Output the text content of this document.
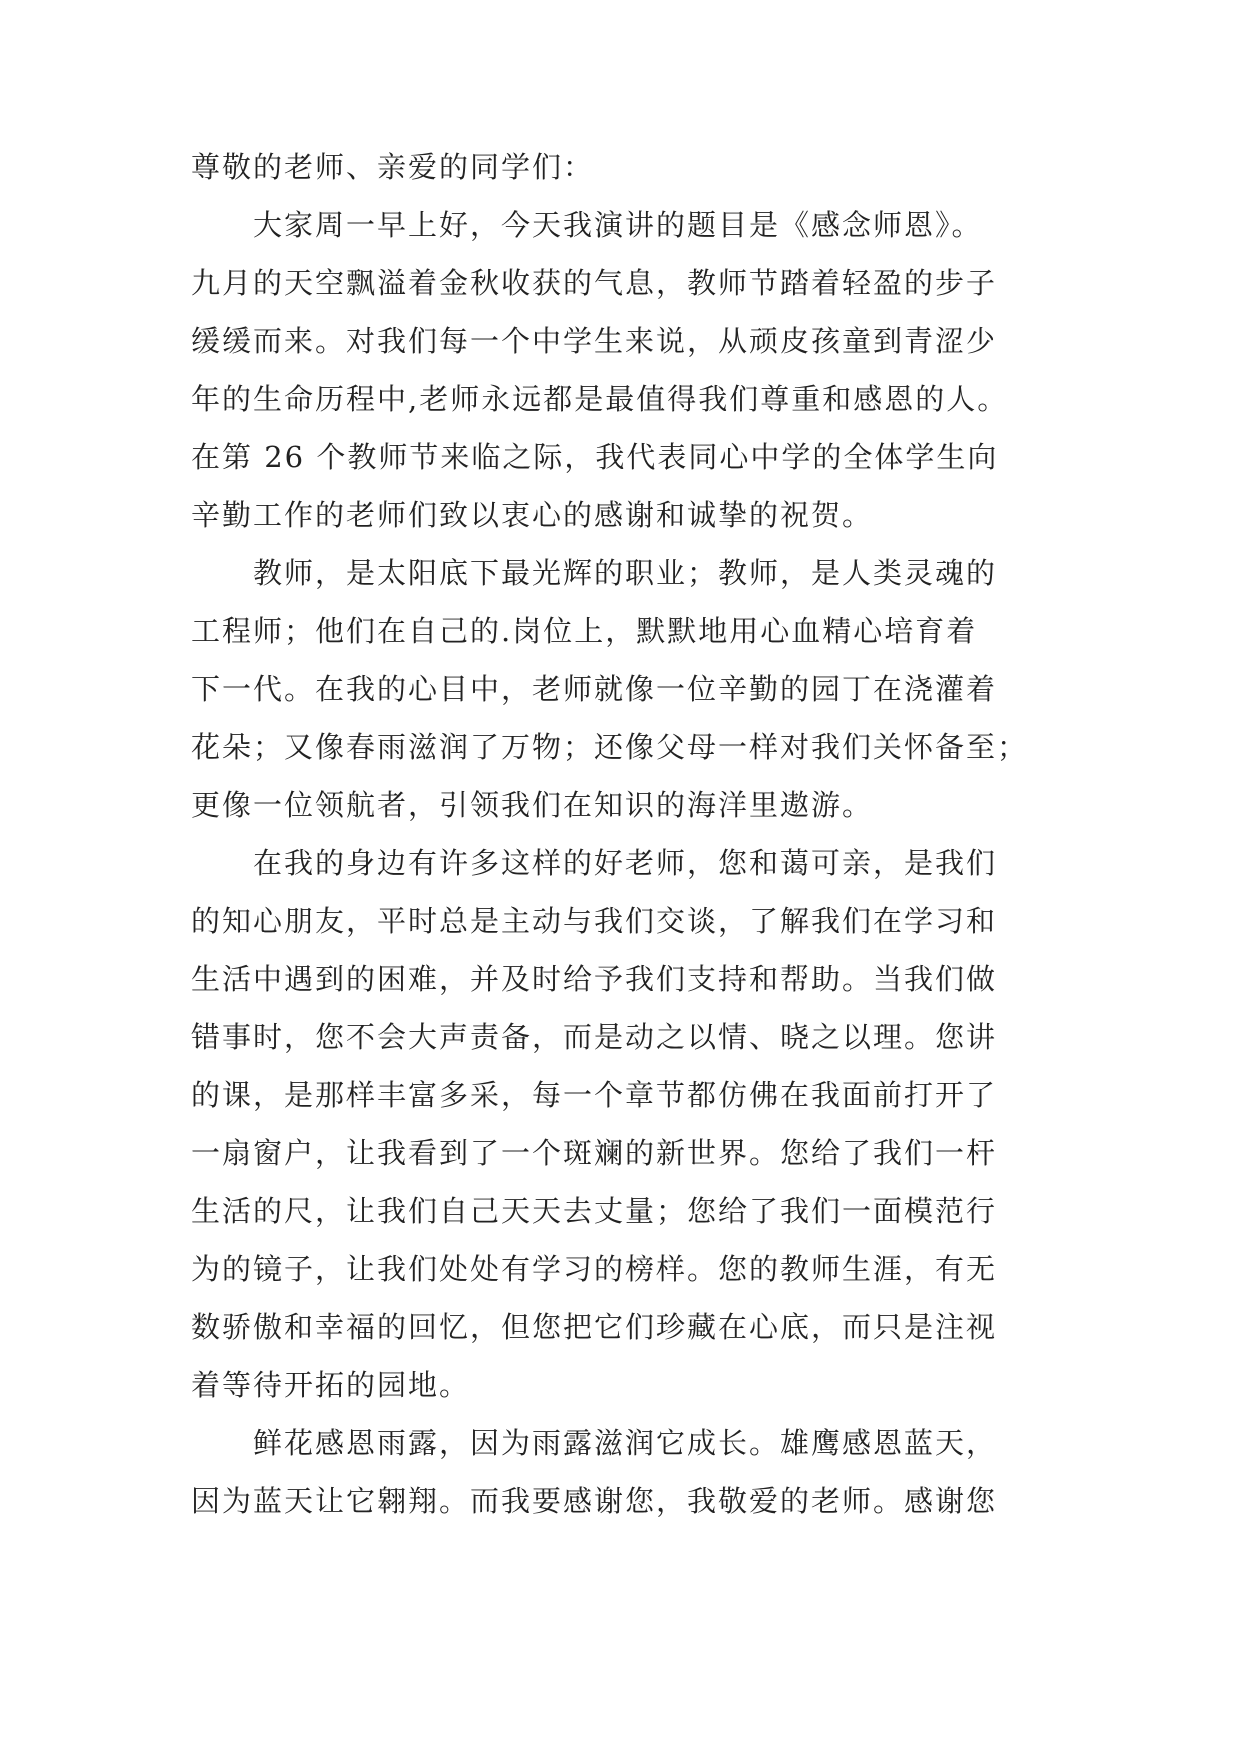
尊敬的老师、亲爱的同学们：
大家周一早上好，今天我演讲的题目是《感念师恩》。
九月的天空飘溢着金秋收获的气息，教师节踏着轻盈的步子
缓缓而来。对我们每一个中学生来说，从顽皮孩童到青涩少
年的生命历程中,老师永远都是最值得我们尊重和感恩的人。
在第 26 个教师节来临之际，我代表同心中学的全体学生向
辛勤工作的老师们致以衷心的感谢和诚挚的祝贺。
教师，是太阳底下最光辉的职业；教师，是人类灵魂的
工程师；他们在自己的.岗位上，默默地用心血精心培育着
下一代。在我的心目中，老师就像一位辛勤的园丁在浇灌着
花朵；又像春雨滋润了万物；还像父母一样对我们关怀备至；
更像一位领航者，引领我们在知识的海洋里遨游。
在我的身边有许多这样的好老师，您和蔼可亲，是我们
的知心朋友，平时总是主动与我们交谈，了解我们在学习和
生活中遇到的困难，并及时给予我们支持和帮助。当我们做
错事时，您不会大声责备，而是动之以情、晓之以理。您讲
的课，是那样丰富多采，每一个章节都仿佛在我面前打开了
一扇窗户，让我看到了一个斑斓的新世界。您给了我们一杆
生活的尺，让我们自己天天去丈量；您给了我们一面模范行
为的镜子，让我们处处有学习的榜样。您的教师生涯，有无
数骄傲和幸福的回忆，但您把它们珍藏在心底，而只是注视
着等待开拓的园地。
鲜花感恩雨露，因为雨露滋润它成长。雄鹰感恩蓝天，
因为蓝天让它翱翔。而我要感谢您，我敬爱的老师。感谢您
